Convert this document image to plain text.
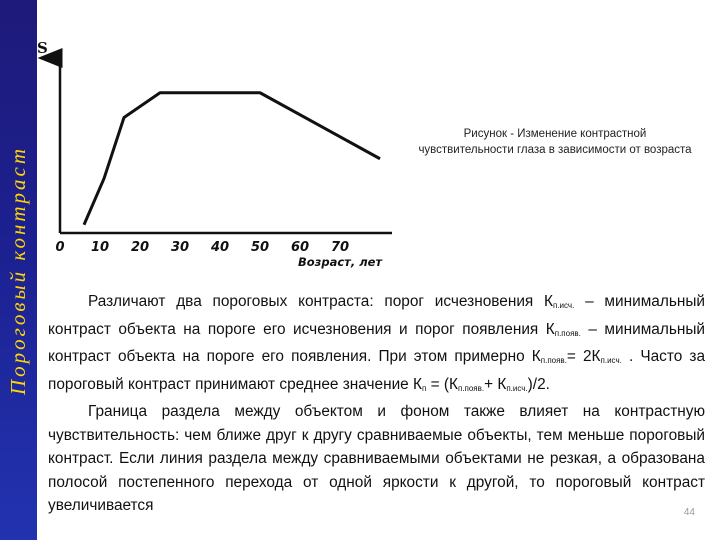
Пороговый контраст
S
0 10 20 30 40 50 60 70
Возраст, лет
Рисунок - Изменение контрастной чувствительности глаза в зависимости от возраста

Различают два пороговых контраста: порог исчезновения $К_{п.исч.}$ – минимальный контраст объекта на пороге его исчезновения и порог появления $К_{п.появ.}$ – минимальный контраст объекта на пороге его появления. При этом примерно $К_{п.появ.}= 2К_{п.исч.}$ . Часто за пороговый контраст принимают среднее значение $К_п = (К_{п.появ.}+ К_{п.исч.})/2$.

Граница раздела между объектом и фоном также влияет на контрастную чувствительность: чем ближе друг к другу сравниваемые объекты, тем меньше пороговый контраст. Если линия раздела между сравниваемыми объектами не резкая, а образована полосой постепенного перехода от одной яркости к другой, то пороговый контраст увеличивается	44
